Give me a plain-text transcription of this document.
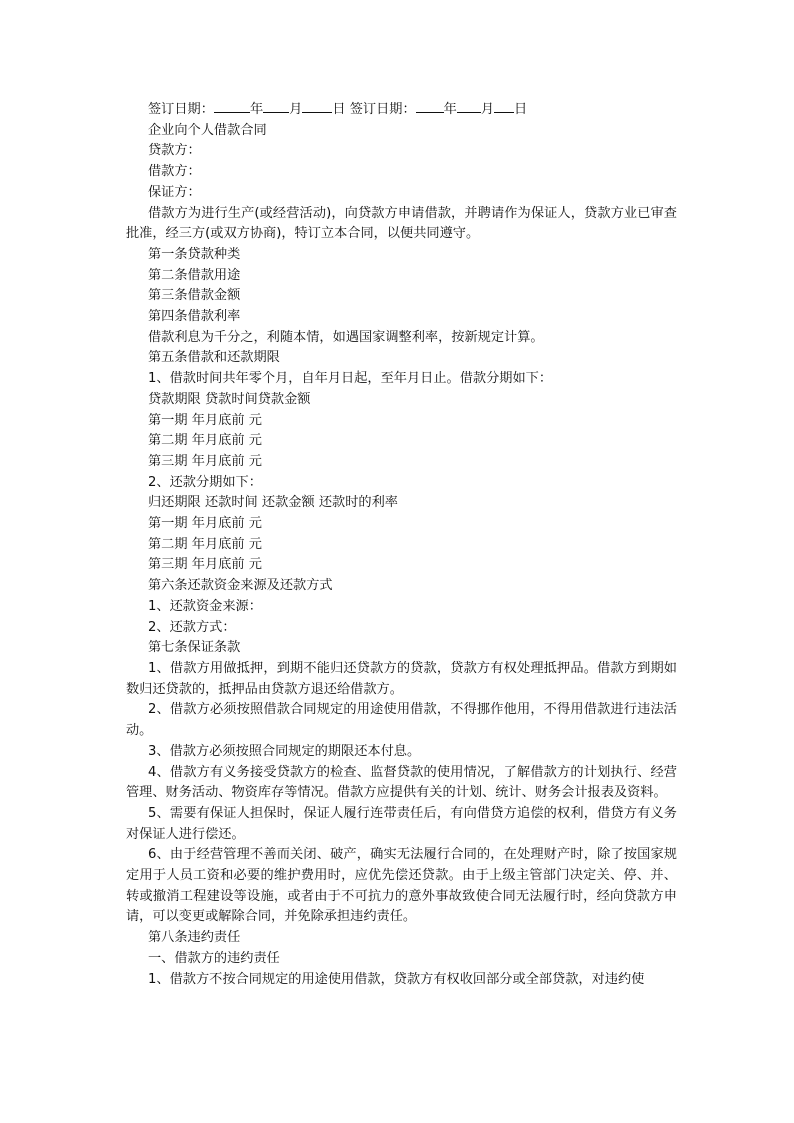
签订日期：	年 月 日 签订日期： 年 月 日

企业向个人借款合同

贷款方：

借款方：

保证方：

借款方为进行生产(或经营活动)，向贷款方申请借款，并聘请作为保证人，贷款方业已审查批准，经三方(或双方协商)，特订立本合同，以便共同遵守。

第一条贷款种类

第二条借款用途

第三条借款金额

第四条借款利率

借款利息为千分之，利随本情，如遇国家调整利率，按新规定计算。

第五条借款和还款期限

1、借款时间共年零个月，自年月日起，至年月日止。借款分期如下：

贷款期限 贷款时间贷款金额

第一期 年月底前 元

第二期 年月底前 元

第三期 年月底前 元

2、还款分期如下：

归还期限 还款时间 还款金额 还款时的利率

第一期 年月底前 元

第二期 年月底前 元

第三期 年月底前 元

第六条还款资金来源及还款方式

1、还款资金来源：

2、还款方式：

第七条保证条款

1、借款方用做抵押，到期不能归还贷款方的贷款，贷款方有权处理抵押品。借款方到期如数归还贷款的，抵押品由贷款方退还给借款方。

2、借款方必须按照借款合同规定的用途使用借款，不得挪作他用，不得用借款进行违法活动。

3、借款方必须按照合同规定的期限还本付息。

4、借款方有义务接受贷款方的检查、监督贷款的使用情况，了解借款方的计划执行、经营管理、财务活动、物资库存等情况。借款方应提供有关的计划、统计、财务会计报表及资料。

5、需要有保证人担保时，保证人履行连带责任后，有向借贷方追偿的权利，借贷方有义务对保证人进行偿还。

6、由于经营管理不善而关闭、破产，确实无法履行合同的，在处理财产时，除了按国家规定用于人员工资和必要的维护费用时，应优先偿还贷款。由于上级主管部门决定关、停、并、转或撤消工程建设等设施，或者由于不可抗力的意外事故致使合同无法履行时，经向贷款方申请，可以变更或解除合同，并免除承担违约责任。

第八条违约责任

一、借款方的违约责任

1、借款方不按合同规定的用途使用借款，贷款方有权收回部分或全部贷款，对违约使
